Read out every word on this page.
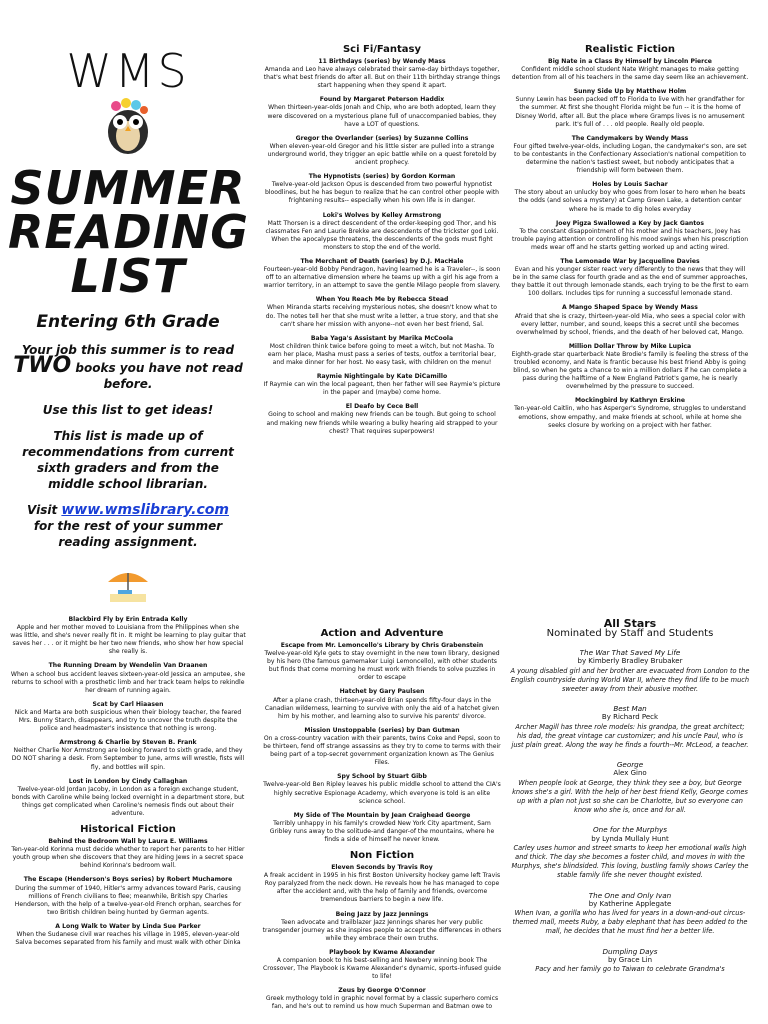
WMS
SUMMER
READING
LIST
Entering 6th Grade
Your job this summer is to read TWO books you have not read before.
Use this list to get ideas!
This list is made up of recommendations from current sixth graders and from the middle school librarian.
Visit www.wmslibrary.com
for the rest of your summer reading assignment.
Sci Fi/Fantasy
11 Birthdays (series) by Wendy Mass
Amanda and Leo have always celebrated their same-day birthdays together, that's what best friends do after all. But on their 11th birthday strange things start happening when they spend it apart.
Found by Margaret Peterson Haddix
When thirteen-year-olds Jonah and Chip, who are both adopted, learn they were discovered on a mysterious plane full of unaccompanied babies, they have a LOT of questions.
Gregor the Overlander (series) by Suzanne Collins
When eleven-year-old Gregor and his little sister are pulled into a strange underground world, they trigger an epic battle while on a quest foretold by ancient prophecy.
The Hypnotists (series) by Gordon Korman
Twelve-year-old Jackson Opus is descended from two powerful hypnotist bloodlines, but he has begun to realize that he can control other people with frightening results-- especially when his own life is in danger.
Loki's Wolves by Kelley Armstrong
Matt Thorsen is a direct descendent of the order-keeping god Thor, and his classmates Fen and Laurie Brekke are descendents of the trickster god Loki. When the apocalypse threatens, the descendents of the gods must fight monsters to stop the end of the world.
The Merchant of Death (series) by D.J. MacHale
Fourteen-year-old Bobby Pendragon, having learned he is a Traveler--, is soon off to an alternative dimension where he teams up with a girl his age from a warrior territory, in an attempt to save the gentle Milago people from slavery.
When You Reach Me by Rebecca Stead
When Miranda starts receiving mysterious notes, she doesn't know what to do. The notes tell her that she must write a letter, a true story, and that she can't share her mission with anyone--not even her best friend, Sal.
Baba Yaga's Assistant by Marika McCoola
Most children think twice before going to meet a witch, but not Masha. To earn her place, Masha must pass a series of tests, outfox a territorial bear, and make dinner for her host. No easy task, with children on the menu!
Raymie Nightingale by Kate DiCamillo
If Raymie can win the local pageant, then her father will see Raymie's picture in the paper and (maybe) come home.
El Deafo by Cece Bell
Going to school and making new friends can be tough. But going to school and making new friends while wearing a bulky hearing aid strapped to your chest? That requires superpowers!
Realistic Fiction
Big Nate in a Class By Himself by Lincoln Pierce
Confident middle school student Nate Wright manages to make getting detention from all of his teachers in the same day seem like an achievement.
Sunny Side Up by Matthew Holm
Sunny Lewin has been packed off to Florida to live with her grandfather for the summer. At first she thought Florida might be fun -- it is the home of Disney World, after all. But the place where Gramps lives is no amusement park. It's full of . . . old people. Really old people.
The Candymakers by Wendy Mass
Four gifted twelve-year-olds, including Logan, the candymaker's son, are set to be contestants in the Confectionary Association's national competition to determine the nation's tastiest sweet, but nobody anticipates that a friendship will form between them.
Holes by Louis Sachar
The story about an unlucky boy who goes from loser to hero when he beats the odds (and solves a mystery) at Camp Green Lake, a detention center where he is made to dig holes everyday
Joey Pigza Swallowed a Key by Jack Gantos
To the constant disappointment of his mother and his teachers, Joey has trouble paying attention or controlling his mood swings when his prescription meds wear off and he starts getting worked up and acting wired.
The Lemonade War by Jacqueline Davies
Evan and his younger sister react very differently to the news that they will be in the same class for fourth grade and as the end of summer approaches, they battle it out through lemonade stands, each trying to be the first to earn 100 dollars. Includes tips for running a successful lemonade stand.
A Mango Shaped Space by Wendy Mass
Afraid that she is crazy, thirteen-year-old Mia, who sees a special color with every letter, number, and sound, keeps this a secret until she becomes overwhelmed by school, friends, and the death of her beloved cat, Mango.
Million Dollar Throw by Mike Lupica
Eighth-grade star quarterback Nate Brodie's family is feeling the stress of the troubled economy, and Nate is frantic because his best friend Abby is going blind, so when he gets a chance to win a million dollars if he can complete a pass during the halftime of a New England Patriot's game, he is nearly overwhelmed by the pressure to succeed.
Mockingbird by Kathryn Erskine
Ten-year-old Caitlin, who has Asperger's Syndrome, struggles to understand emotions, show empathy, and make friends at school, while at home she seeks closure by working on a project with her father.
Blackbird Fly by Erin Entrada Kelly
Apple and her mother moved to Louisiana from the Philippines when she was little, and she's never really fit in. It might be learning to play guitar that saves her . . . or it might be her two new friends, who show her how special she really is.
The Running Dream by Wendelin Van Draanen
When a school bus accident leaves sixteen-year-old Jessica an amputee, she returns to school with a prosthetic limb and her track team helps to rekindle her dream of running again.
Scat by Carl Hiaasen
Nick and Marta are both suspicious when their biology teacher, the feared Mrs. Bunny Starch, disappears, and try to uncover the truth despite the police and headmaster's insistence that nothing is wrong.
Armstrong & Charlie by Steven B. Frank
Neither Charlie Nor Armstrong are looking forward to sixth grade, and they DO NOT sharing a desk. From September to June, arms will wrestle, fists will fly, and bottles will spin.
Lost in London by Cindy Callaghan
Twelve-year-old Jordan Jacoby, in London as a foreign exchange student, bonds with Caroline while being locked overnight in a department store, but things get complicated when Caroline's nemesis finds out about their adventure.
Historical Fiction
Behind the Bedroom Wall by Laura E. Williams
Ten-year-old Korinna must decide whether to report her parents to her Hitler youth group when she discovers that they are hiding Jews in a secret space behind Korinna's bedroom wall.
The Escape (Henderson's Boys series) by Robert Muchamore
During the summer of 1940, Hitler's army advances toward Paris, causing millions of French civilians to flee; meanwhile, British spy Charles Henderson, with the help of a twelve-year-old French orphan, searches for two British children being hunted by German agents.
A Long Walk to Water by Linda Sue Parker
When the Sudanese civil war reaches his village in 1985, eleven-year-old Salva becomes separated from his family and must walk with other Dinka
Action and Adventure
Escape from Mr. Lemoncello's Library by Chris Grabenstein
Twelve-year-old Kyle gets to stay overnight in the new town library, designed by his hero (the famous gamemaker Luigi Lemoncello), with other students but finds that come morning he must work with friends to solve puzzles in order to escape
Hatchet by Gary Paulsen
After a plane crash, thirteen-year-old Brian spends fifty-four days in the Canadian wilderness, learning to survive with only the aid of a hatchet given him by his mother, and learning also to survive his parents' divorce.
Mission Unstoppable (series) by Dan Gutman
On a cross-country vacation with their parents, twins Coke and Pepsi, soon to be thirteen, fend off strange assassins as they try to come to terms with their being part of a top-secret government organization known as The Genius Files.
Spy School by Stuart Gibb
Twelve-year-old Ben Ripley leaves his public middle school to attend the CIA's highly secretive Espionage Academy, which everyone is told is an elite science school.
My Side of The Mountain by Jean Craighead George
Terribly unhappy in his family's crowded New York City apartment, Sam Gribley runs away to the solitude-and danger-of the mountains, where he finds a side of himself he never knew.
Non Fiction
Eleven Seconds by Travis Roy
A freak accident in 1995 in his first Boston University hockey game left Travis Roy paralyzed from the neck down. He reveals how he has managed to cope after the accident and, with the help of family and friends, overcome tremendous barriers to begin a new life.
Being Jazz by Jazz Jennings
Teen advocate and trailblazer Jazz Jennings shares her very public transgender journey as she inspires people to accept the differences in others while they embrace their own truths.
Playbook by Kwame Alexander
A companion book to his best-selling and Newbery winning book The Crossover, The Playbook is Kwame Alexander's dynamic, sports-infused guide to life!
Zeus by George O'Connor
Greek mythology told in graphic novel format by a classic superhero comics fan, and he's out to remind us how much Superman and Batman owe to
All Stars
Nominated by Staff and Students
The War That Saved My Life
by Kimberly Bradley Brubaker
A young disabled girl and her brother are evacuated from London to the English countryside during World War II, where they find life to be much sweeter away from their abusive mother.
Best Man
By Richard Peck
Archer Magill has three role models: his grandpa, the great architect; his dad, the great vintage car customizer; and his uncle Paul, who is just plain great. Along the way he finds a fourth--Mr. McLeod, a teacher.
George
Alex Gino
When people look at George, they think they see a boy, but George knows she's a girl. With the help of her best friend Kelly, George comes up with a plan not just so she can be Charlotte, but so everyone can know who she is, once and for all.
One for the Murphys
by Lynda Mullaly Hunt
Carley uses humor and street smarts to keep her emotional walls high and thick. The day she becomes a foster child, and moves in with the Murphys, she's blindsided. This loving, bustling family shows Carley the stable family life she never thought existed.
The One and Only Ivan
by Katherine Applegate
When Ivan, a gorilla who has lived for years in a down-and-out circus-themed mall, meets Ruby, a baby elephant that has been added to the mall, he decides that he must find her a better life.
Dumpling Days
by Grace Lin
Pacy and her family go to Taiwan to celebrate Grandma's
